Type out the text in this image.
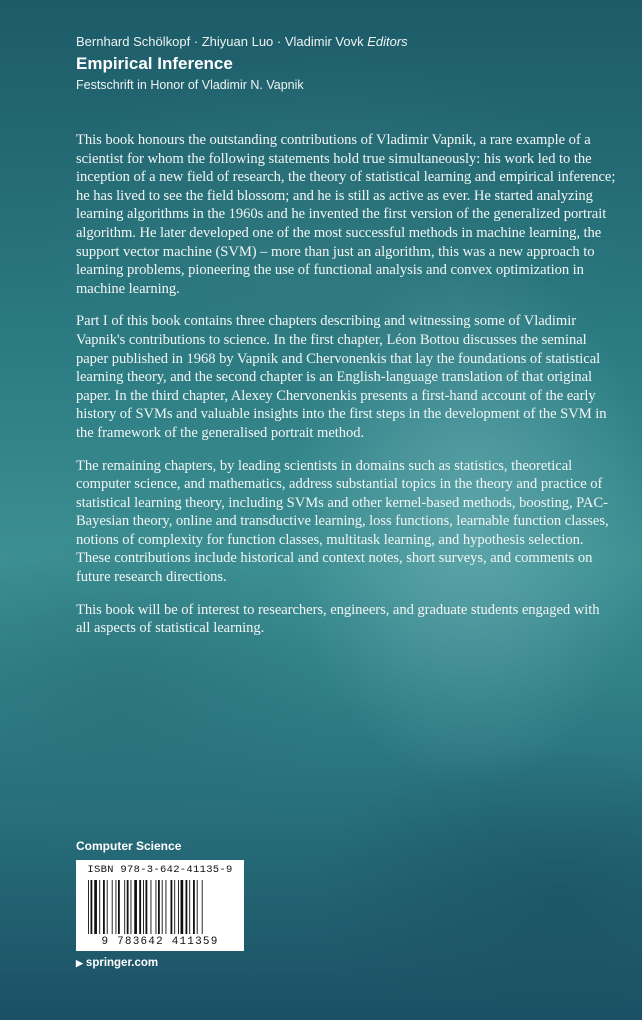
Bernhard Schölkopf · Zhiyuan Luo · Vladimir Vovk Editors
Empirical Inference
Festschrift in Honor of Vladimir N. Vapnik

This book honours the outstanding contributions of Vladimir Vapnik, a rare example of a scientist for whom the following statements hold true simultaneously: his work led to the inception of a new field of research, the theory of statistical learning and empirical inference; he has lived to see the field blossom; and he is still as active as ever. He started analyzing learning algorithms in the 1960s and he invented the first version of the generalized portrait algorithm. He later developed one of the most successful methods in machine learning, the support vector machine (SVM) – more than just an algorithm, this was a new approach to learning problems, pioneering the use of functional analysis and convex optimization in machine learning.

Part I of this book contains three chapters describing and witnessing some of Vladimir Vapnik's contributions to science. In the first chapter, Léon Bottou discusses the seminal paper published in 1968 by Vapnik and Chervonenkis that lay the foundations of statistical learning theory, and the second chapter is an English-language translation of that original paper. In the third chapter, Alexey Chervonenkis presents a first-hand account of the early history of SVMs and valuable insights into the first steps in the development of the SVM in the framework of the generalised portrait method.

The remaining chapters, by leading scientists in domains such as statistics, theoretical computer science, and mathematics, address substantial topics in the theory and practice of statistical learning theory, including SVMs and other kernel-based methods, boosting, PAC-Bayesian theory, online and transductive learning, loss functions, learnable function classes, notions of complexity for function classes, multitask learning, and hypothesis selection. These contributions include historical and context notes, short surveys, and comments on future research directions.

This book will be of interest to researchers, engineers, and graduate students engaged with all aspects of statistical learning.

Computer Science
ISBN 978-3-642-41135-9
9 783642 411359
▶ springer.com
